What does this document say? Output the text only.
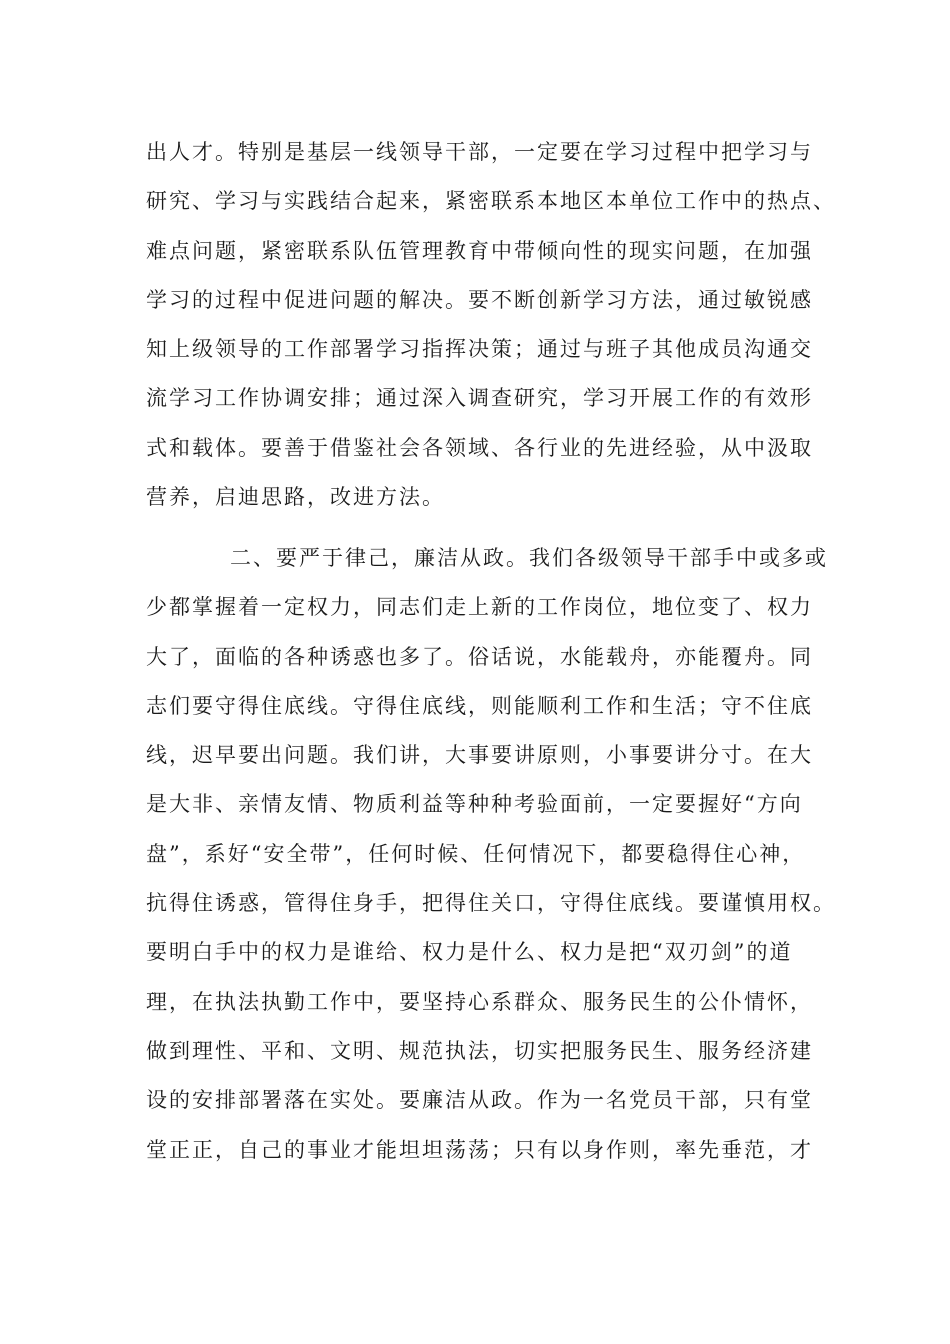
出人才。特别是基层一线领导干部，一定要在学习过程中把学习与
研究、学习与实践结合起来，紧密联系本地区本单位工作中的热点、
难点问题，紧密联系队伍管理教育中带倾向性的现实问题，在加强
学习的过程中促进问题的解决。要不断创新学习方法，通过敏锐感
知上级领导的工作部署学习指挥决策；通过与班子其他成员沟通交
流学习工作协调安排；通过深入调查研究，学习开展工作的有效形
式和载体。要善于借鉴社会各领域、各行业的先进经验，从中汲取
营养，启迪思路，改进方法。
二、要严于律己，廉洁从政。我们各级领导干部手中或多或
少都掌握着一定权力，同志们走上新的工作岗位，地位变了、权力
大了，面临的各种诱惑也多了。俗话说，水能载舟，亦能覆舟。同
志们要守得住底线。守得住底线，则能顺利工作和生活；守不住底
线，迟早要出问题。我们讲，大事要讲原则，小事要讲分寸。在大
是大非、亲情友情、物质利益等种种考验面前，一定要握好“方向
盘”，系好“安全带”，任何时候、任何情况下，都要稳得住心神，
抗得住诱惑，管得住身手，把得住关口，守得住底线。要谨慎用权。
要明白手中的权力是谁给、权力是什么、权力是把“双刃剑”的道
理，在执法执勤工作中，要坚持心系群众、服务民生的公仆情怀，
做到理性、平和、文明、规范执法，切实把服务民生、服务经济建
设的安排部署落在实处。要廉洁从政。作为一名党员干部，只有堂
堂正正，自己的事业才能坦坦荡荡；只有以身作则，率先垂范，才
